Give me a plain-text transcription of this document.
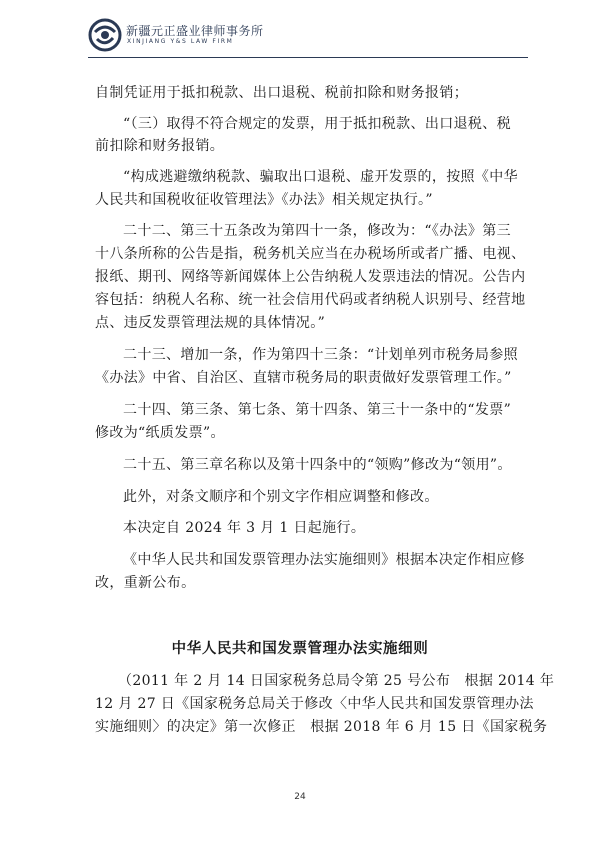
新疆元正盛业律师事务所
XINJIANG Y&S LAW FIRM
自制凭证用于抵扣税款、出口退税、税前扣除和财务报销；
“（三）取得不符合规定的发票，用于抵扣税款、出口退税、税
前扣除和财务报销。
“构成逃避缴纳税款、骗取出口退税、虚开发票的，按照《中华
人民共和国税收征收管理法》《办法》相关规定执行。”
二十二、第三十五条改为第四十一条，修改为：“《办法》第三
十八条所称的公告是指，税务机关应当在办税场所或者广播、电视、
报纸、期刊、网络等新闻媒体上公告纳税人发票违法的情况。公告内
容包括：纳税人名称、统一社会信用代码或者纳税人识别号、经营地
点、违反发票管理法规的具体情况。”
二十三、增加一条，作为第四十三条：“计划单列市税务局参照
《办法》中省、自治区、直辖市税务局的职责做好发票管理工作。”
二十四、第三条、第七条、第十四条、第三十一条中的“发票”
修改为“纸质发票”。
二十五、第三章名称以及第十四条中的“领购”修改为“领用”。
此外，对条文顺序和个别文字作相应调整和修改。
本决定自 2024 年 3 月 1 日起施行。
《中华人民共和国发票管理办法实施细则》根据本决定作相应修
改，重新公布。
中华人民共和国发票管理办法实施细则
（2011 年 2 月 14 日国家税务总局令第 25 号公布　根据 2014 年
12 月 27 日《国家税务总局关于修改〈中华人民共和国发票管理办法
实施细则〉的决定》第一次修正　根据 2018 年 6 月 15 日《国家税务
24
